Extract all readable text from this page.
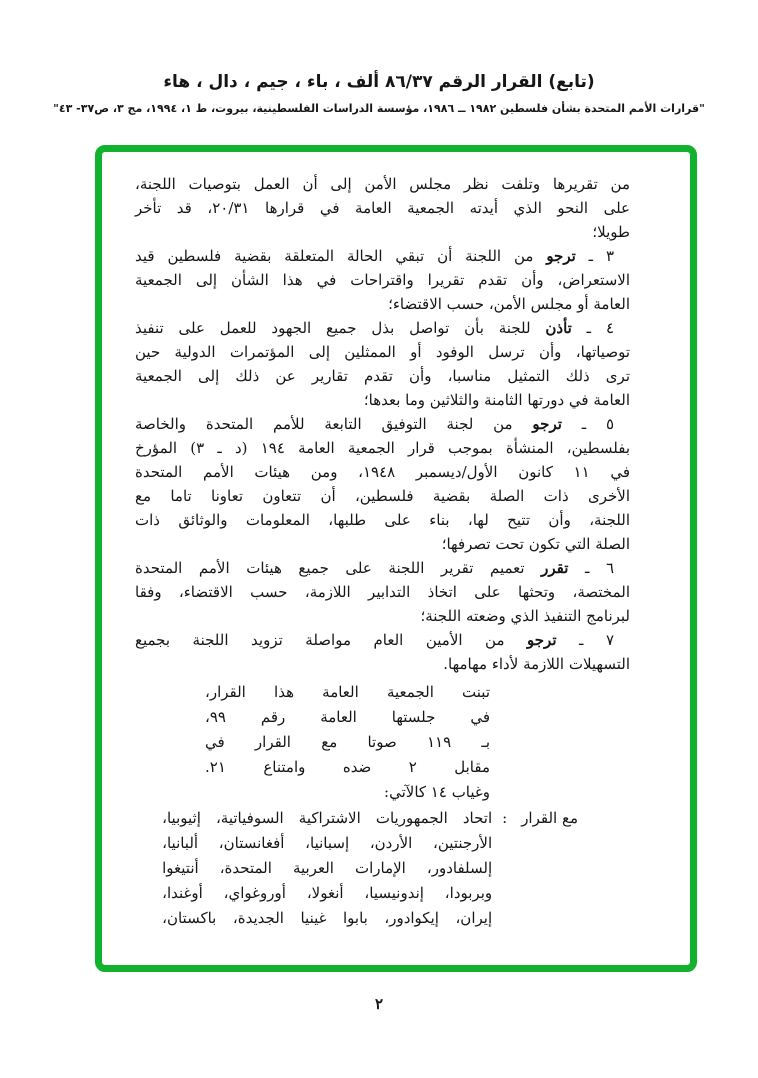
(تابع) القرار الرقم ٨٦/٣٧ ألف ، باء ، جيم ، دال ، هاء
"قرارات الأمم المتحدة بشأن فلسطين ١٩٨٢ ــ ١٩٨٦، مؤسسة الدراسات الفلسطينية، بيروت، ط ١، ١٩٩٤، مج ٣، ص٣٧- ٤٣"
من تقريرها وتلفت نظر مجلس الأمن إلى أن العمل بتوصيات اللجنة،
على النحو الذي أيدته الجمعية العامة في قرارها ٢٠/٣١، قد تأخر
طويلا؛
٣ ـ ترجو من اللجنة أن تبقي الحالة المتعلقة بقضية فلسطين قيد
الاستعراض، وأن تقدم تقريرا واقتراحات في هذا الشأن إلى الجمعية
العامة أو مجلس الأمن، حسب الاقتضاء؛
٤ ـ تأذن للجنة بأن تواصل بذل جميع الجهود للعمل على تنفيذ
توصياتها، وأن ترسل الوفود أو الممثلين إلى المؤتمرات الدولية حين
ترى ذلك التمثيل مناسبا، وأن تقدم تقارير عن ذلك إلى الجمعية
العامة في دورتها الثامنة والثلاثين وما بعدها؛
٥ ـ ترجو من لجنة التوفيق التابعة للأمم المتحدة والخاصة
بفلسطين، المنشأة بموجب قرار الجمعية العامة ١٩٤ (د ـ ٣) المؤرخ
في ١١ كانون الأول/ديسمبر ١٩٤٨، ومن هيئات الأمم المتحدة
الأخرى ذات الصلة بقضية فلسطين، أن تتعاون تعاونا تاما مع
اللجنة، وأن تتيح لها، بناء على طلبها، المعلومات والوثائق ذات
الصلة التي تكون تحت تصرفها؛
٦ ـ تقرر تعميم تقرير اللجنة على جميع هيئات الأمم المتحدة
المختصة، وتحثها على اتخاذ التدابير اللازمة، حسب الاقتضاء، وفقا
لبرنامج التنفيذ الذي وضعته اللجنة؛
٧ ـ ترجو من الأمين العام مواصلة تزويد اللجنة بجميع
التسهيلات اللازمة لأداء مهامها.
تبنت الجمعية العامة هذا القرار،
في جلستها العامة رقم ٩٩،
بـ ١١٩ صوتا مع القرار في
مقابل ٢ ضده وامتناع ٢١.
وغياب ١٤ كالآتي:
مع القرار
:
اتحاد الجمهوريات الاشتراكية السوفياتية، إثيوبيا،
الأرجنتين، الأردن، إسبانيا، أفغانستان، ألبانيا،
إلسلفادور، الإمارات العربية المتحدة، أنتيغوا
وبربودا، إندونيسيا، أنغولا، أوروغواي، أوغندا،
إيران، إيكوادور، بابوا غينيا الجديدة، باكستان،
٢
